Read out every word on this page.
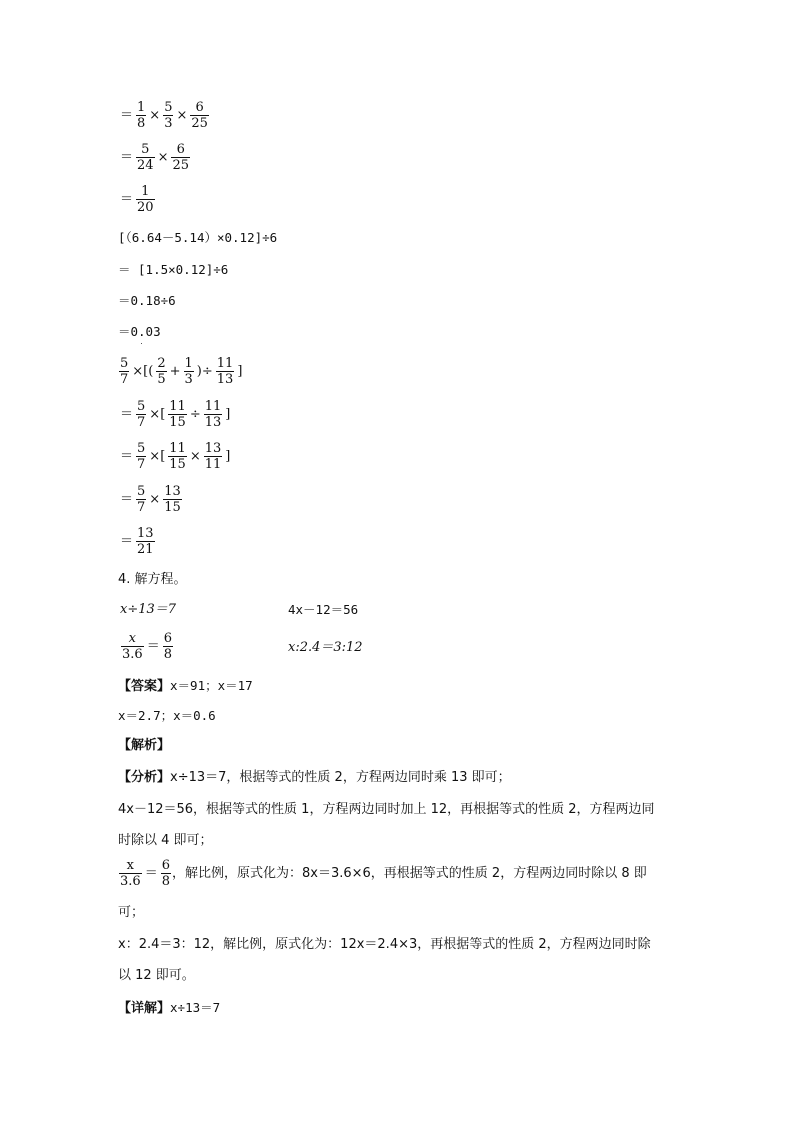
＝ $\frac{1}{8} \times \frac{5}{3} \times \frac{6}{25}$
＝ $\frac{5}{24} \times \frac{6}{25}$
＝ $\frac{1}{20}$
[（6.64－5.14）×0.12]÷6
＝ [1.5×0.12]÷6
＝0.18÷6
＝0.03
$\frac{5}{7}$ ×[( $\frac{2}{5} + \frac{1}{3}$ )÷ $\frac{11}{13}$ ]
＝ $\frac{5}{7}$ ×[ $\frac{11}{15} \div \frac{11}{13}$ ]
＝ $\frac{5}{7}$ ×[ $\frac{11}{15} \times \frac{13}{11}$ ]
＝ $\frac{5}{7} \times \frac{13}{15}$
＝ $\frac{13}{21}$
4. 解方程。
x÷13＝7	4x－12＝56
$\frac{x}{3.6} = \frac{6}{8}$	x:2.4＝3:12
【答案】x＝91；x＝17
x＝2.7；x＝0.6
【解析】
【分析】x÷13＝7，根据等式的性质 2，方程两边同时乘 13 即可；
4x－12＝56，根据等式的性质 1，方程两边同时加上 12，再根据等式的性质 2，方程两边同
时除以 4 即可；
$\frac{x}{3.6} = \frac{6}{8}$ ，解比例，原式化为：8x＝3.6×6，再根据等式的性质 2，方程两边同时除以 8 即
可；
x：2.4＝3：12，解比例，原式化为：12x＝2.4×3，再根据等式的性质 2，方程两边同时除
以 12 即可。
【详解】x÷13＝7
